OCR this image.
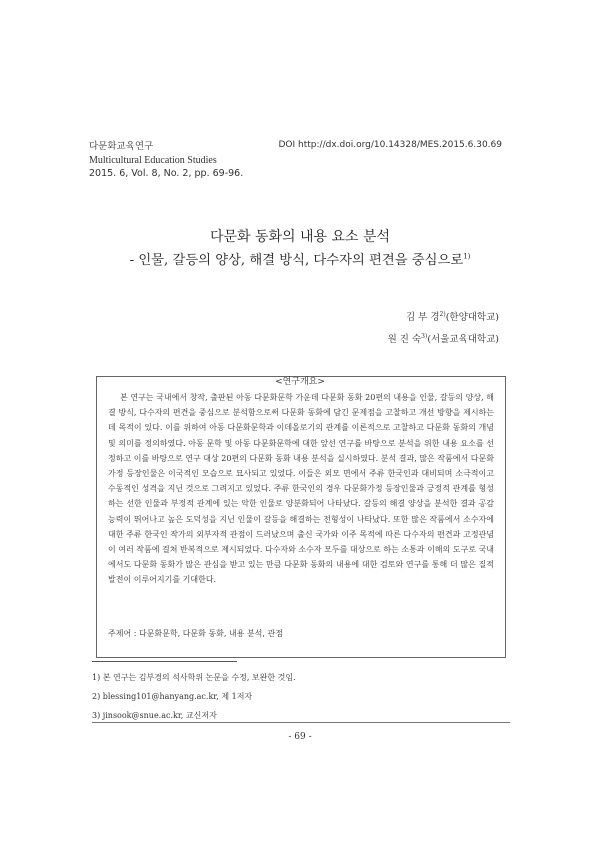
다문화교육연구
Multicultural Education Studies
2015. 6, Vol. 8, No. 2, pp. 69-96.
DOI http://dx.doi.org/10.14328/MES.2015.6.30.69
다문화 동화의 내용 요소 분석
- 인물, 갈등의 양상, 해결 방식, 다수자의 편견을 중심으로$^{1)}$
김 부 경$^{2)}$(한양대학교)
원 진 숙$^{3)}$(서울교육대학교)
<연구개요>
본 연구는 국내에서 창작, 출판된 아동 다문화문학 가운데 다문화 동화 20편의 내용을 인물, 갈등의 양상, 해결 방식, 다수자의 편견을 중심으로 분석함으로써 다문화 동화에 담긴 문제점을 고찰하고 개선 방향을 제시하는 데 목적이 있다. 이를 위하여 아동 다문화문학과 이데올로기의 관계를 이론적으로 고찰하고 다문화 동화의 개념 및 의미를 정의하였다. 아동 문학 및 아동 다문화문학에 대한 앞선 연구를 바탕으로 분석을 위한 내용 요소를 선정하고 이를 바탕으로 연구 대상 20편의 다문화 동화 내용 분석을 실시하였다. 분석 결과, 많은 작품에서 다문화가정 등장인물은 이국적인 모습으로 묘사되고 있었다. 이들은 외모 면에서 주류 한국인과 대비되며 소극적이고 수동적인 성격을 지닌 것으로 그려지고 있었다. 주류 한국인의 경우 다문화가정 등장인물과 긍정적 관계를 형성하는 선한 인물과 부정적 관계에 있는 악한 인물로 양분화되어 나타났다. 갈등의 해결 양상을 분석한 결과 공감 능력이 뛰어나고 높은 도덕성을 지닌 인물이 갈등을 해결하는 전형성이 나타났다. 또한 많은 작품에서 소수자에 대한 주류 한국인 작가의 외부자적 관점이 드러났으며 출신 국가와 이주 목적에 따른 다수자의 편견과 고정관념이 여러 작품에 걸쳐 반복적으로 제시되었다. 다수자와 소수자 모두를 대상으로 하는 소통과 이해의 도구로 국내에서도 다문화 동화가 많은 관심을 받고 있는 만큼 다문화 동화의 내용에 대한 검토와 연구를 통해 더 많은 질적 발전이 이루어지기를 기대한다.
주제어 : 다문화문학, 다문화 동화, 내용 분석, 관점
1) 본 연구는 김부경의 석사학위 논문을 수정, 보완한 것임.
2) blessing101@hanyang.ac.kr, 제 1저자
3) jinsook@snue.ac.kr, 교신저자
- 69 -
